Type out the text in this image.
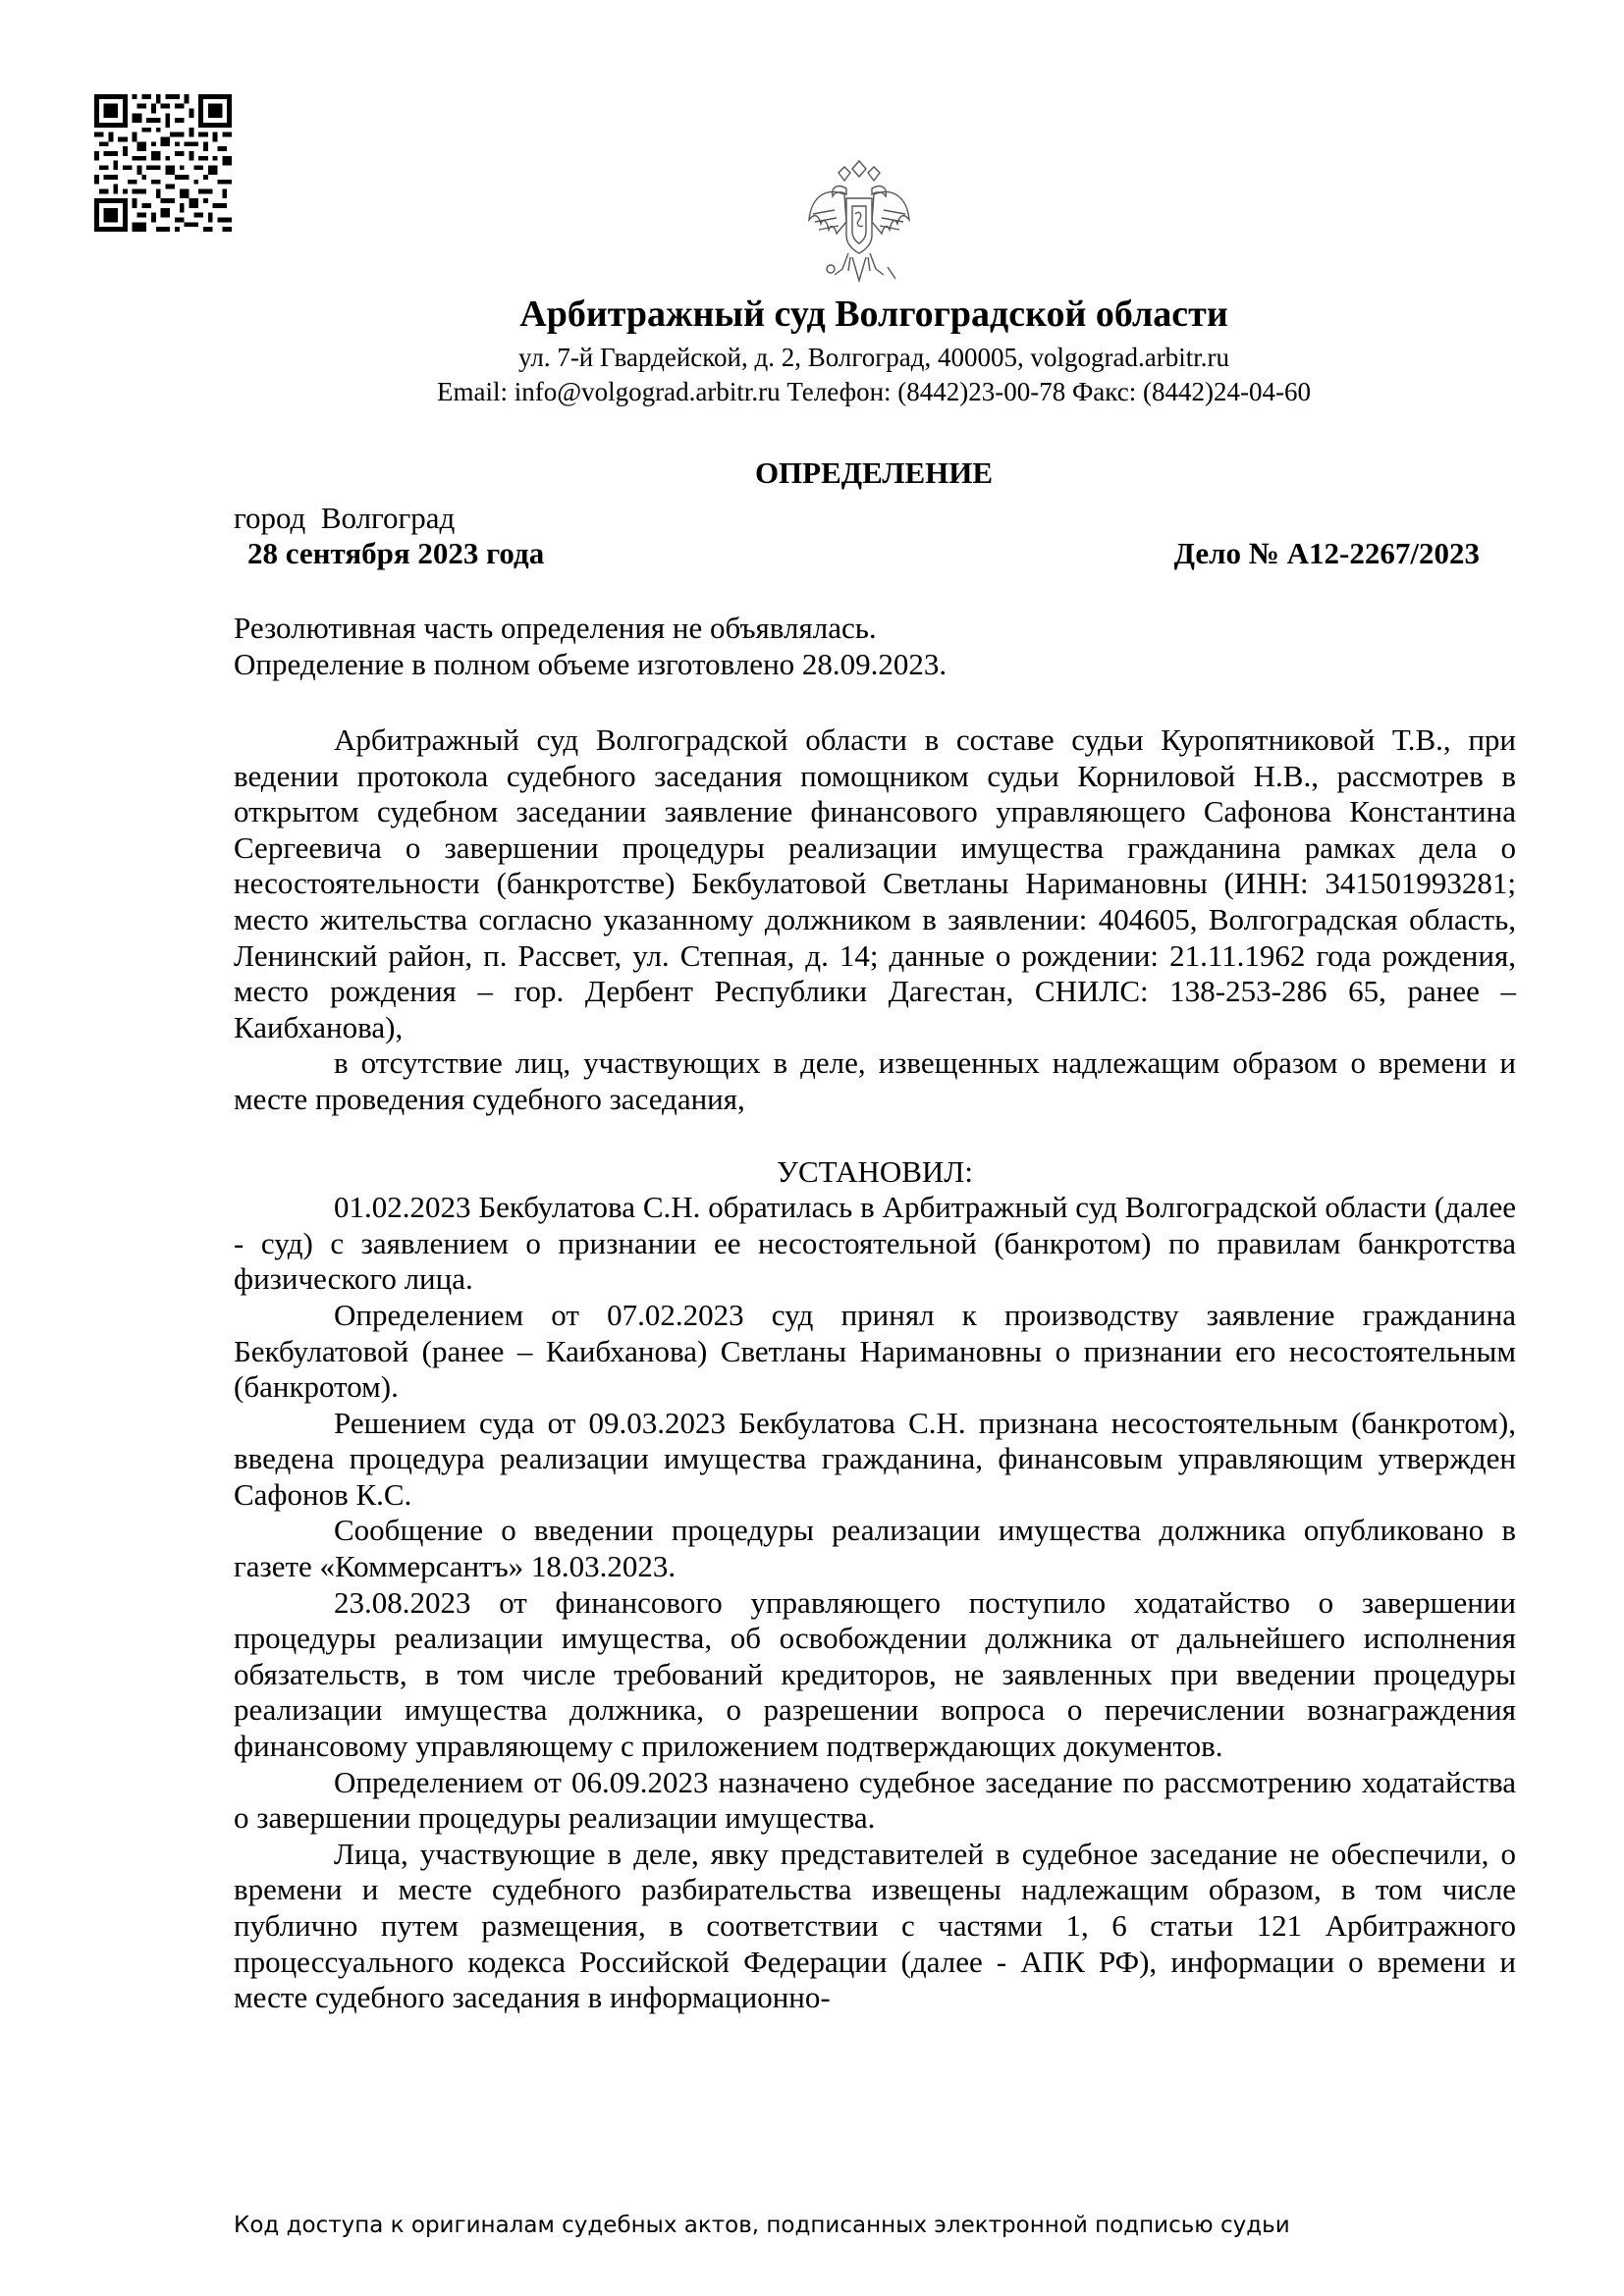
Арбитражный суд Волгоградской области
ул. 7-й Гвардейской, д. 2, Волгоград, 400005, volgograd.arbitr.ru
Email: info@volgograd.arbitr.ru Телефон: (8442)23-00-78 Факс: (8442)24-04-60
ОПРЕДЕЛЕНИЕ
город  Волгоград
28 сентября 2023 года	Дело № А12-2267/2023
Резолютивная часть определения не объявлялась.
Определение в полном объеме изготовлено 28.09.2023.

Арбитражный суд Волгоградской области в составе судьи Куропятниковой Т.В., при ведении протокола судебного заседания помощником судьи Корниловой Н.В., рассмотрев в открытом судебном заседании заявление финансового управляющего Сафонова Константина Сергеевича о завершении процедуры реализации имущества гражданина рамках дела о несостоятельности (банкротстве) Бекбулатовой Светланы Наримановны (ИНН: 341501993281; место жительства согласно указанному должником в заявлении: 404605, Волгоградская область, Ленинский район, п. Рассвет, ул. Степная, д. 14; данные о рождении: 21.11.1962 года рождения, место рождения – гор. Дербент Республики Дагестан, СНИЛС: 138-253-286 65, ранее – Каибханова),

в отсутствие лиц, участвующих в деле, извещенных надлежащим образом о времени и месте проведения судебного заседания,

УСТАНОВИЛ:

01.02.2023 Бекбулатова С.Н. обратилась в Арбитражный суд Волгоградской области (далее - суд) с заявлением о признании ее несостоятельной (банкротом) по правилам банкротства физического лица.

Определением от 07.02.2023 суд принял к производству заявление гражданина Бекбулатовой (ранее – Каибханова) Светланы Наримановны о признании его несостоятельным (банкротом).

Решением суда от 09.03.2023 Бекбулатова С.Н. признана несостоятельным (банкротом), введена процедура реализации имущества гражданина, финансовым управляющим утвержден Сафонов К.С.

Сообщение о введении процедуры реализации имущества должника опубликовано в газете «Коммерсантъ» 18.03.2023.

23.08.2023 от финансового управляющего поступило ходатайство о завершении процедуры реализации имущества, об освобождении должника от дальнейшего исполнения обязательств, в том числе требований кредиторов, не заявленных при введении процедуры реализации имущества должника, о разрешении вопроса о перечислении вознаграждения финансовому управляющему с приложением подтверждающих документов.

Определением от 06.09.2023 назначено судебное заседание по рассмотрению ходатайства о завершении процедуры реализации имущества.

Лица, участвующие в деле, явку представителей в судебное заседание не обеспечили, о времени и месте судебного разбирательства извещены надлежащим образом, в том числе публично путем размещения, в соответствии с частями 1, 6 статьи 121 Арбитражного процессуального кодекса Российской Федерации (далее - АПК РФ), информации о времени и месте судебного заседания в информационно-

Код доступа к оригиналам судебных актов, подписанных электронной подписью судьи
